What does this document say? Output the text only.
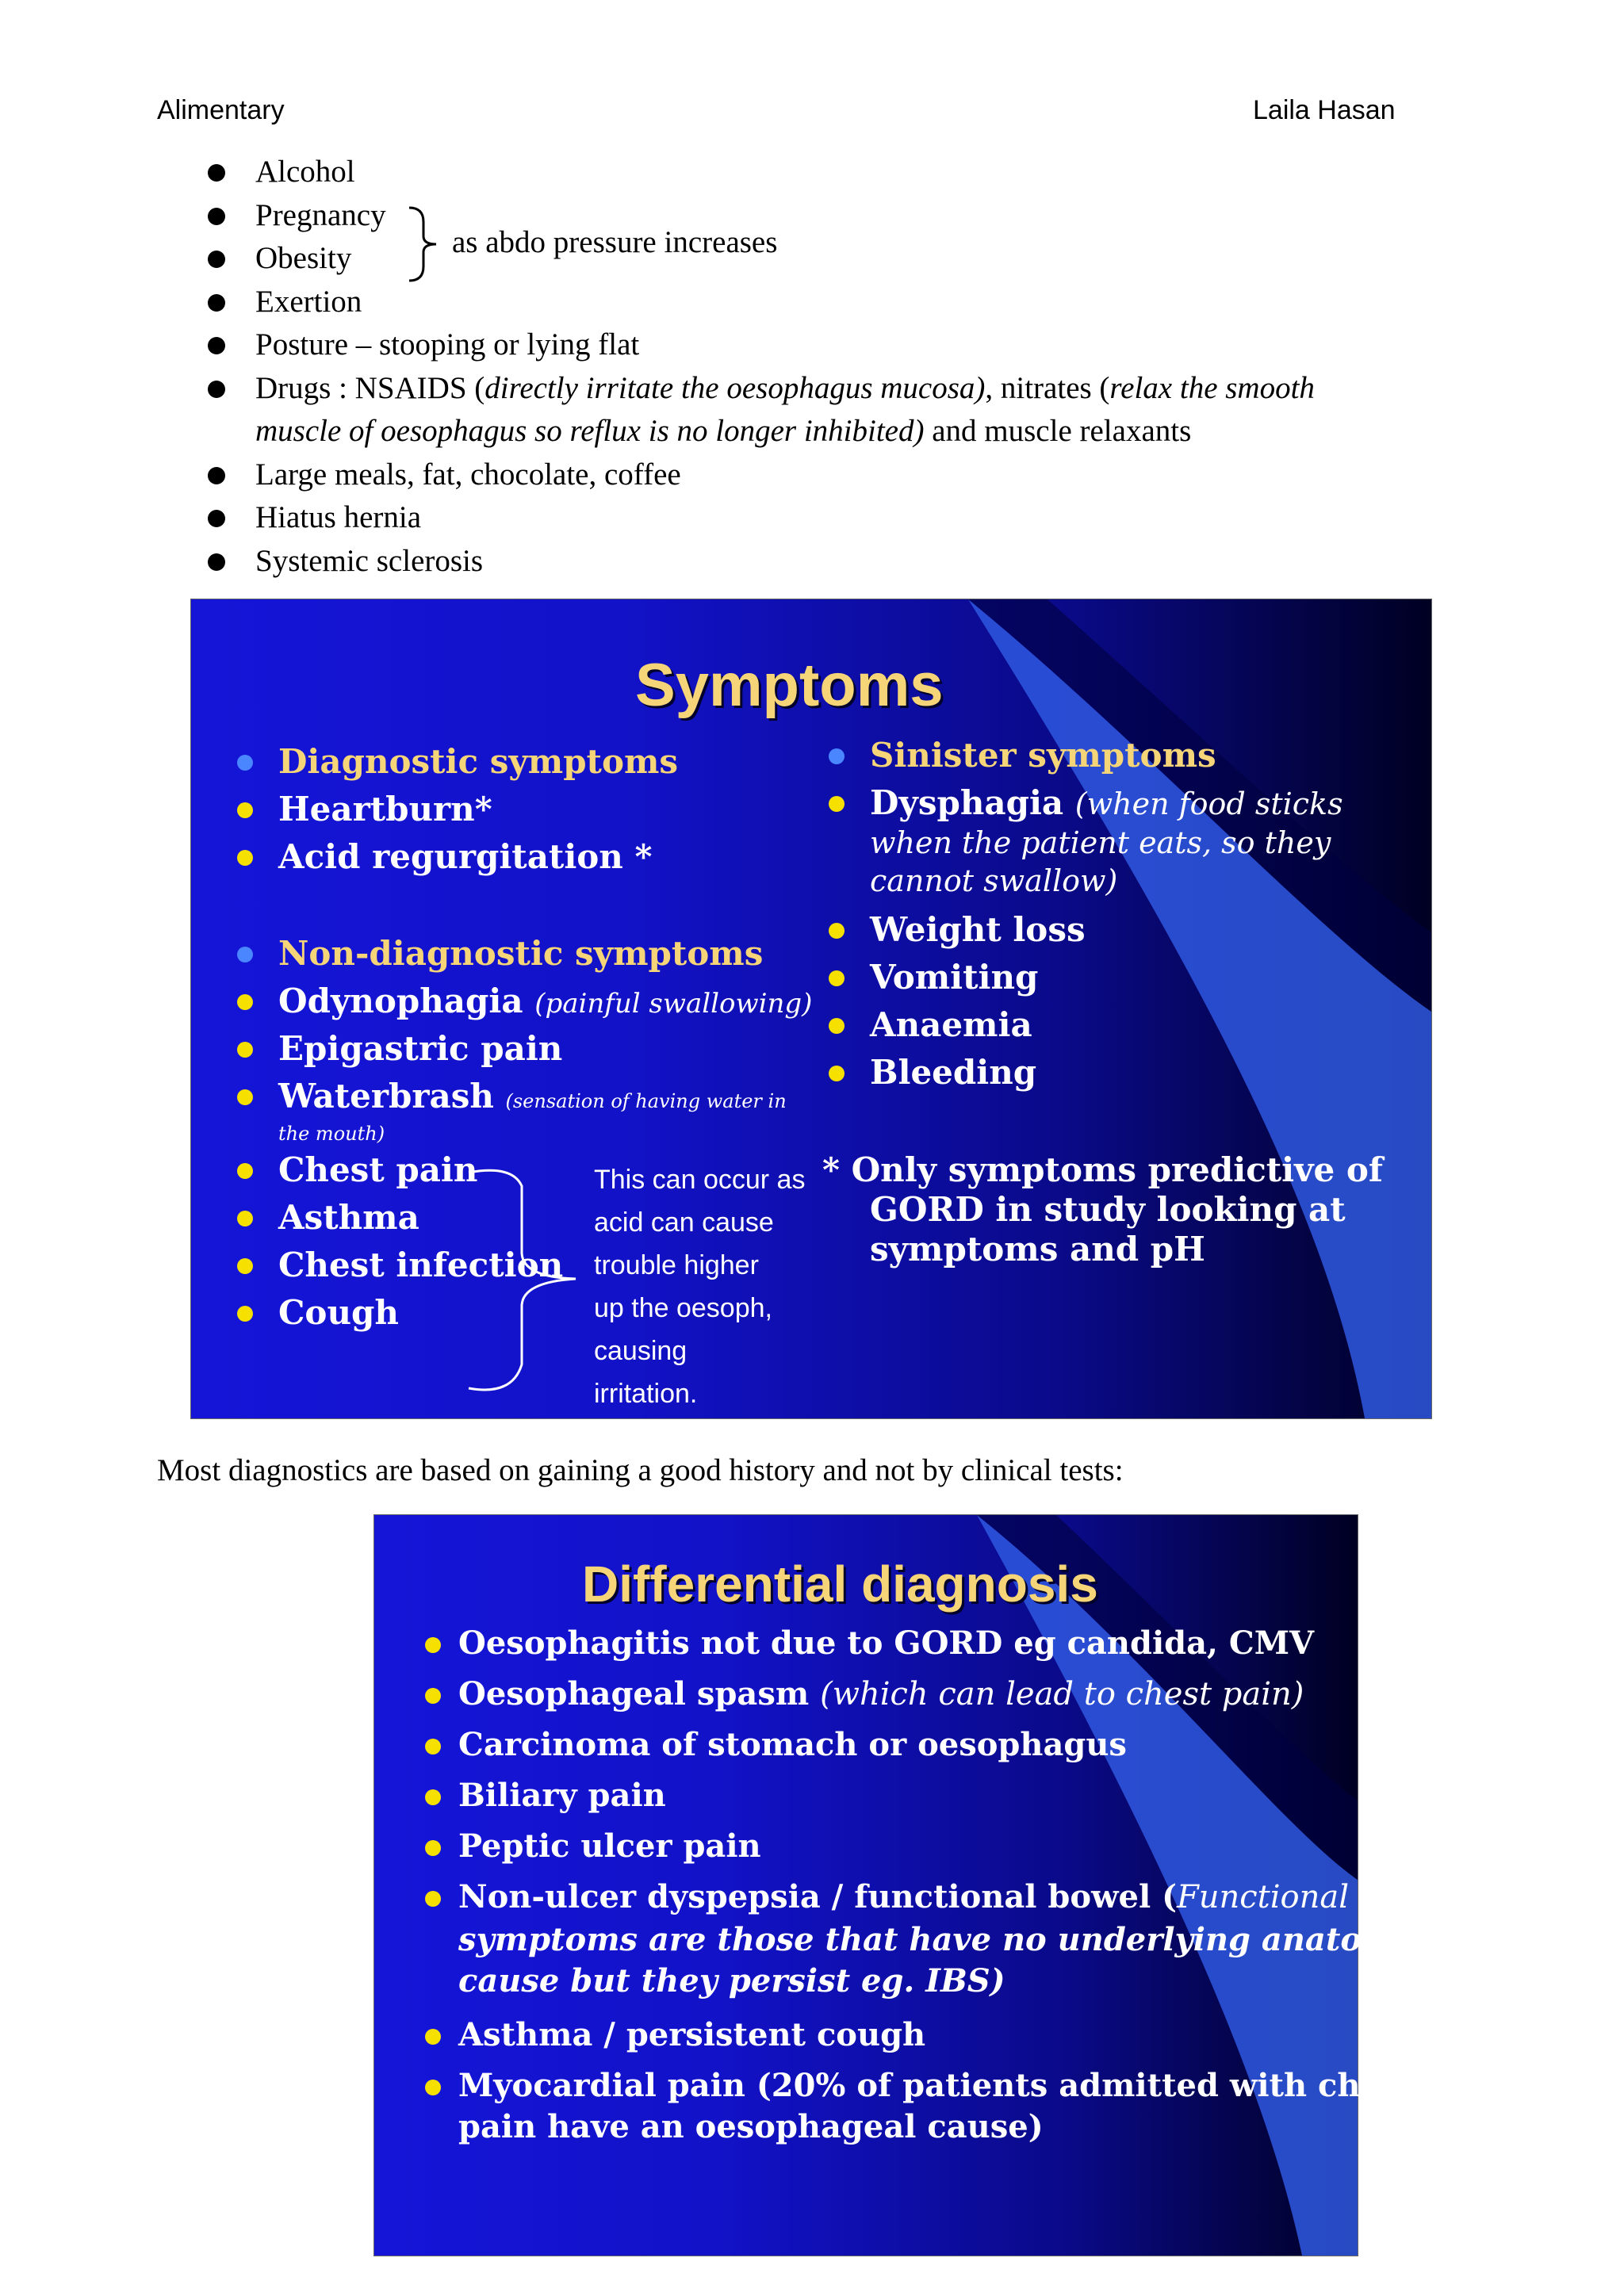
Alimentary	Laila Hasan
Alcohol
Pregnancy
Obesity
Exertion
Posture – stooping or lying flat
Drugs : NSAIDS (directly irritate the oesophagus mucosa), nitrates (relax the smooth
muscle of oesophagus so reflux is no longer inhibited) and muscle relaxants
Large meals, fat, chocolate, coffee
Hiatus hernia
Systemic sclerosis
as abdo pressure increases
Symptoms
Diagnostic symptoms
Heartburn*
Acid regurgitation *
Non-diagnostic symptoms
Odynophagia (painful swallowing)
Epigastric pain
Waterbrash (sensation of having water in
the mouth)
Chest pain
Asthma
Chest infection
Cough
This can occur as
acid can cause
trouble higher
up the oesoph,
causing
irritation.
Sinister symptoms
Dysphagia (when food sticks
when the patient eats, so they
cannot swallow)
Weight loss
Vomiting
Anaemia
Bleeding
* Only symptoms predictive of
GORD in study looking at
symptoms and pH
Most diagnostics are based on gaining a good history and not by clinical tests:
Differential diagnosis
Oesophagitis not due to GORD eg candida, CMV
Oesophageal spasm (which can lead to chest pain)
Carcinoma of stomach or oesophagus
Biliary pain
Peptic ulcer pain
Non-ulcer dyspepsia / functional bowel (Functional
symptoms are those that have no underlying anatomical
cause but they persist eg. IBS)
Asthma / persistent cough
Myocardial pain (20% of patients admitted with chest
pain have an oesophageal cause)
